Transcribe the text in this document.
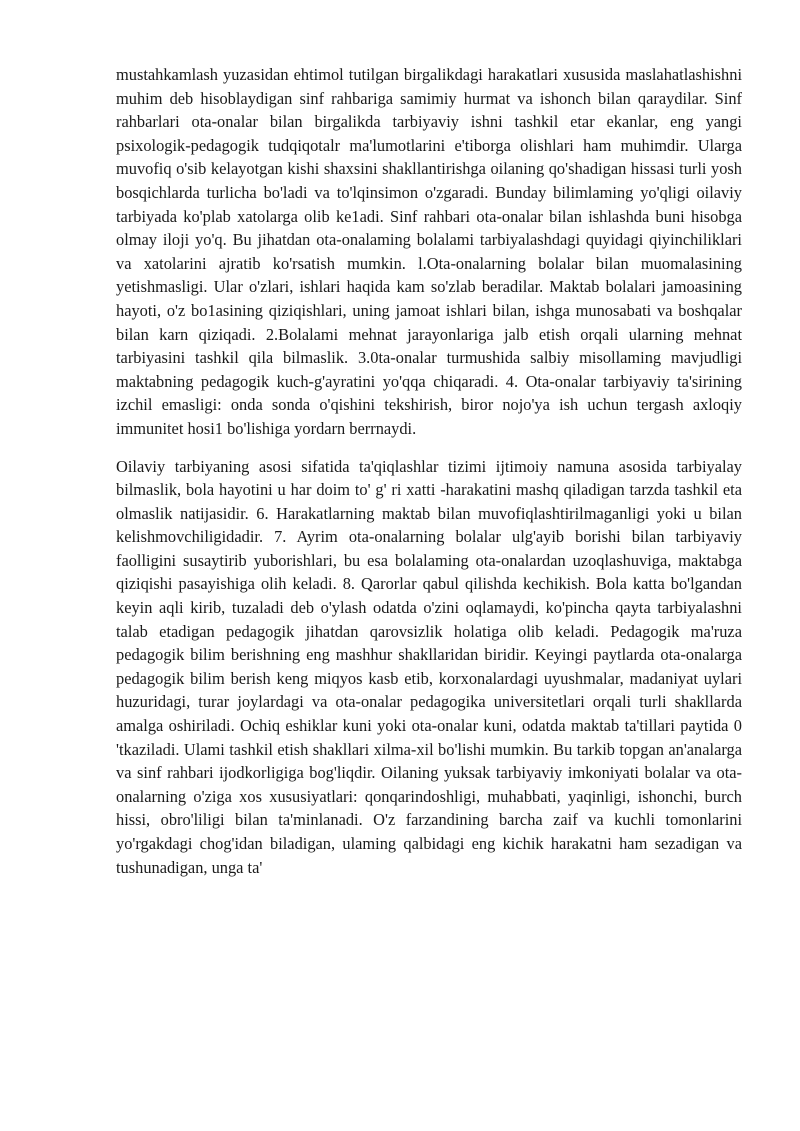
mustahkamlash yuzasidan ehtimol tutilgan birgalikdagi harakatlari xususida maslahatlashishni muhim deb hisoblaydigan sinf rahbariga samimiy hurmat va ishonch bilan qaraydilar. Sinf rahbarlari ota-onalar bilan birgalikda tarbiyaviy ishni tashkil etar ekanlar, eng yangi psixologik-pedagogik tudqiqotalr ma'lumotlarini e'tiborga olishlari ham muhimdir. Ularga muvofiq o'sib kelayotgan kishi shaxsini shakllantirishga oilaning qo'shadigan hissasi turli yosh bosqichlarda turlicha bo'ladi va to'lqinsimon o'zgaradi. Bunday bilimlaming yo'qligi oilaviy tarbiyada ko'plab xatolarga olib ke1adi. Sinf rahbari ota-onalar bilan ishlashda buni hisobga olmay iloji yo'q. Bu jihatdan ota-onalaming bolalami tarbiyalashdagi quyidagi qiyinchiliklari va xatolarini ajratib ko'rsatish mumkin. l.Ota-onalarning bolalar bilan muomalasining yetishmasligi. Ular o'zlari, ishlari haqida kam so'zlab beradilar. Maktab bolalari jamoasining hayoti, o'z bo1asining qiziqishlari, uning jamoat ishlari bilan, ishga munosabati va boshqalar bilan karn qiziqadi. 2.Bolalami mehnat jarayonlariga jalb etish orqali ularning mehnat tarbiyasini tashkil qila bilmaslik. 3.0ta-onalar turmushida salbiy misollaming mavjudligi maktabning pedagogik kuch-g'ayratini yo'qqa chiqaradi. 4. Ota-onalar tarbiyaviy ta'sirining izchil emasligi: onda sonda o'qishini tekshirish, biror nojo'ya ish uchun tergash axloqiy immunitet hosi1 bo'lishiga yordarn berrnaydi.

Oilaviy tarbiyaning asosi sifatida ta'qiqlashlar tizimi ijtimoiy namuna asosida tarbiyalay bilmaslik, bola hayotini u har doim to' g' ri xatti -harakatini mashq qiladigan tarzda tashkil eta olmaslik natijasidir. 6. Harakatlarning maktab bilan muvofiqlashtirilmaganligi yoki u bilan kelishmovchiligidadir. 7. Ayrim ota-onalarning bolalar ulg'ayib borishi bilan tarbiyaviy faolligini susaytirib yuborishlari, bu esa bolalaming ota-onalardan uzoqlashuviga, maktabga qiziqishi pasayishiga olih keladi. 8. Qarorlar qabul qilishda kechikish. Bola katta bo'lgandan keyin aqli kirib, tuzaladi deb o'ylash odatda o'zini oqlamaydi, ko'pincha qayta tarbiyalashni talab etadigan pedagogik jihatdan qarovsizlik holatiga olib keladi. Pedagogik ma'ruza pedagogik bilim berishning eng mashhur shakllaridan biridir. Keyingi paytlarda ota-onalarga pedagogik bilim berish keng miqyos kasb etib, korxonalardagi uyushmalar, madaniyat uylari huzuridagi, turar joylardagi va ota-onalar pedagogika universitetlari orqali turli shakllarda amalga oshiriladi. Ochiq eshiklar kuni yoki ota-onalar kuni, odatda maktab ta'tillari paytida 0 'tkaziladi. Ulami tashkil etish shakllari xilma-xil bo'lishi mumkin. Bu tarkib topgan an'analarga va sinf rahbari ijodkorligiga bog'liqdir. Oilaning yuksak tarbiyaviy imkoniyati bolalar va ota-onalarning o'ziga xos xususiyatlari: qonqarindoshligi, muhabbati, yaqinligi, ishonchi, burch hissi, obro'liligi bilan ta'minlanadi. O'z farzandining barcha zaif va kuchli tomonlarini yo'rgakdagi chog'idan biladigan, ulaming qalbidagi eng kichik harakatni ham sezadigan va tushunadigan, unga ta'
